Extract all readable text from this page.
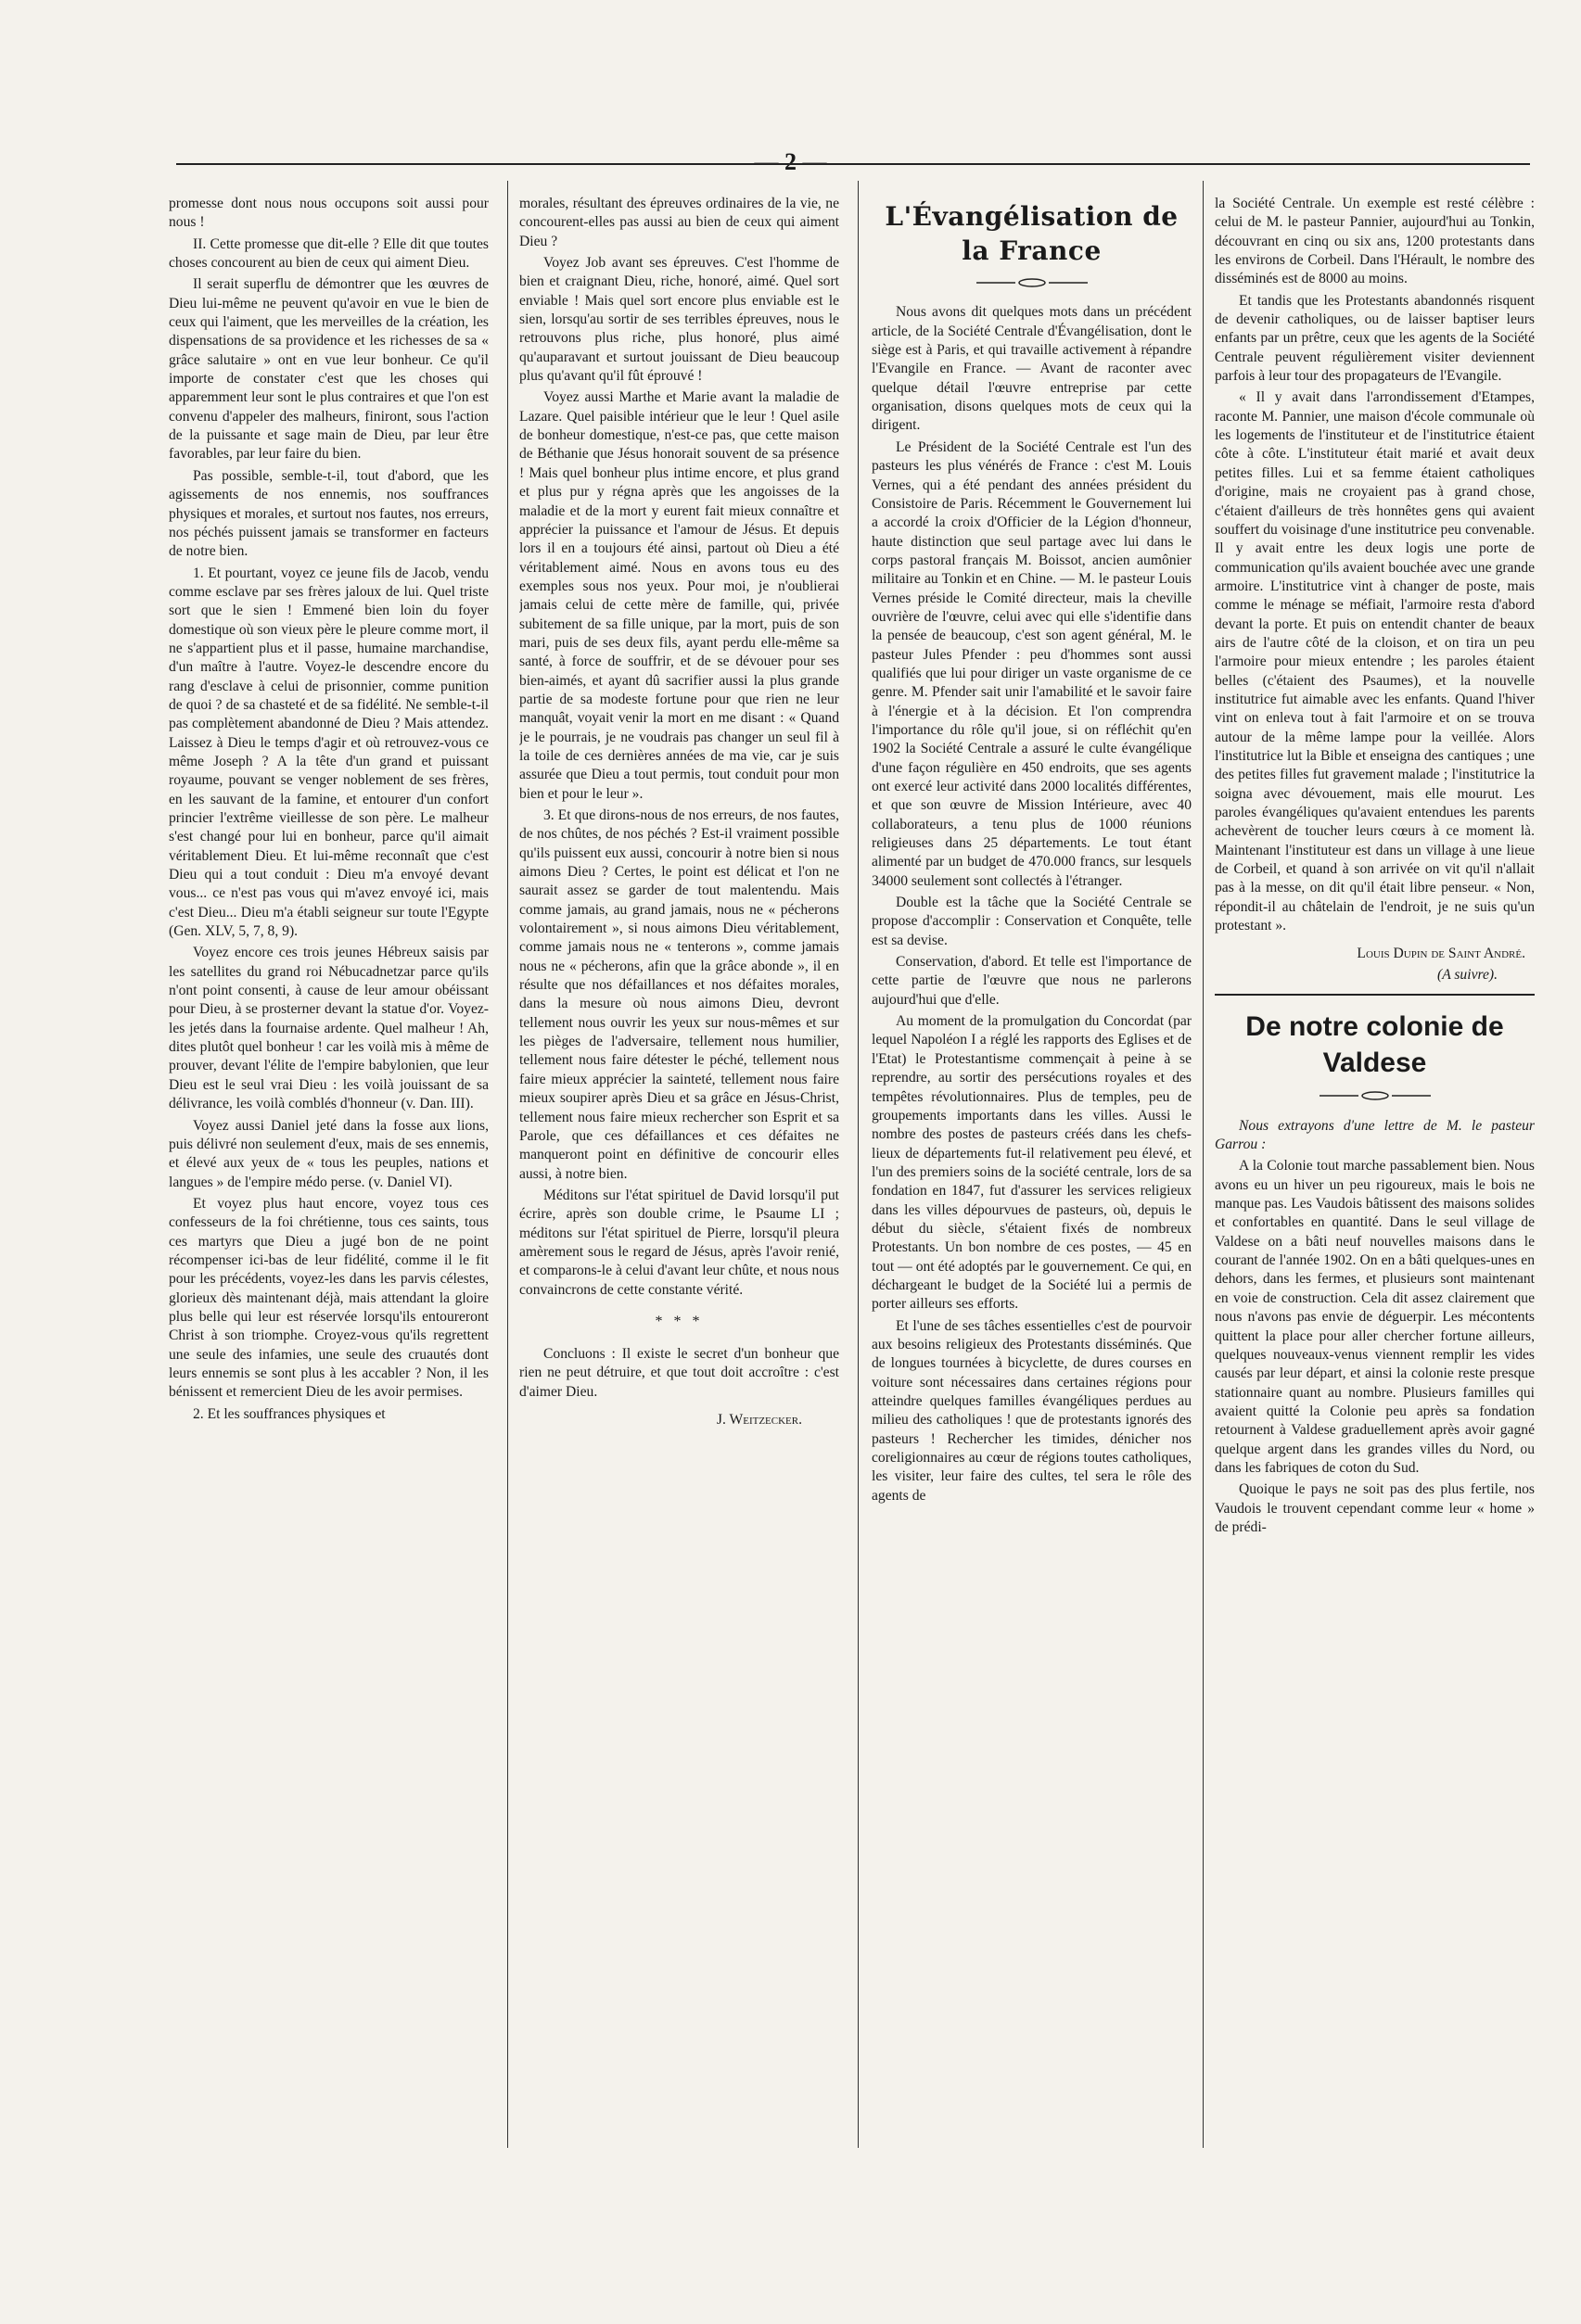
— 2 —

promesse dont nous nous occupons soit aussi pour nous !

II. Cette promesse que dit-elle ? Elle dit que toutes choses concourent au bien de ceux qui aiment Dieu.

Il serait superflu de démontrer que les œuvres de Dieu lui-même ne peuvent qu'avoir en vue le bien de ceux qui l'aiment, que les merveilles de la création, les dispensations de sa providence et les richesses de sa « grâce salutaire » ont en vue leur bonheur. Ce qu'il importe de constater c'est que les choses qui apparemment leur sont le plus contraires et que l'on est convenu d'appeler des malheurs, finiront, sous l'action de la puissante et sage main de Dieu, par leur être favorables, par leur faire du bien.

Pas possible, semble-t-il, tout d'abord, que les agissements de nos ennemis, nos souffrances physiques et morales, et surtout nos fautes, nos erreurs, nos péchés puissent jamais se transformer en facteurs de notre bien.

1. Et pourtant, voyez ce jeune fils de Jacob, vendu comme esclave par ses frères jaloux de lui. Quel triste sort que le sien ! Emmené bien loin du foyer domestique où son vieux père le pleure comme mort, il ne s'appartient plus et il passe, humaine marchandise, d'un maître à l'autre. Voyez-le descendre encore du rang d'esclave à celui de prisonnier, comme punition de quoi ? de sa chasteté et de sa fidélité. Ne semble-t-il pas complètement abandonné de Dieu ? Mais attendez. Laissez à Dieu le temps d'agir et où retrouvez-vous ce même Joseph ? A la tête d'un grand et puissant royaume, pouvant se venger noblement de ses frères, en les sauvant de la famine, et entourer d'un confort princier l'extrême vieillesse de son père. Le malheur s'est changé pour lui en bonheur, parce qu'il aimait véritablement Dieu. Et lui-même reconnaît que c'est Dieu qui a tout conduit : Dieu m'a envoyé devant vous... ce n'est pas vous qui m'avez envoyé ici, mais c'est Dieu... Dieu m'a établi seigneur sur toute l'Egypte (Gen. XLV, 5, 7, 8, 9).

Voyez encore ces trois jeunes Hébreux saisis par les satellites du grand roi Nébucadnetzar parce qu'ils n'ont point consenti, à cause de leur amour obéissant pour Dieu, à se prosterner devant la statue d'or. Voyez-les jetés dans la fournaise ardente. Quel malheur ! Ah, dites plutôt quel bonheur ! car les voilà mis à même de prouver, devant l'élite de l'empire babylonien, que leur Dieu est le seul vrai Dieu : les voilà jouissant de sa délivrance, les voilà comblés d'honneur (v. Dan. III).

Voyez aussi Daniel jeté dans la fosse aux lions, puis délivré non seulement d'eux, mais de ses ennemis, et élevé aux yeux de « tous les peuples, nations et langues » de l'empire médo perse. (v. Daniel VI).

Et voyez plus haut encore, voyez tous ces confesseurs de la foi chrétienne, tous ces saints, tous ces martyrs que Dieu a jugé bon de ne point récompenser ici-bas de leur fidélité, comme il le fit pour les précédents, voyez-les dans les parvis célestes, glorieux dès maintenant déjà, mais attendant la gloire plus belle qui leur est réservée lorsqu'ils entoureront Christ à son triomphe. Croyez-vous qu'ils regrettent une seule des infamies, une seule des cruautés dont leurs ennemis se sont plus à les accabler ? Non, il les bénissent et remercient Dieu de les avoir permises.

2. Et les souffrances physiques et

morales, résultant des épreuves ordinaires de la vie, ne concourent-elles pas aussi au bien de ceux qui aiment Dieu ?

Voyez Job avant ses épreuves. C'est l'homme de bien et craignant Dieu, riche, honoré, aimé. Quel sort enviable ! Mais quel sort encore plus enviable est le sien, lorsqu'au sortir de ses terribles épreuves, nous le retrouvons plus riche, plus honoré, plus aimé qu'auparavant et surtout jouissant de Dieu beaucoup plus qu'avant qu'il fût éprouvé !

Voyez aussi Marthe et Marie avant la maladie de Lazare. Quel paisible intérieur que le leur ! Quel asile de bonheur domestique, n'est-ce pas, que cette maison de Béthanie que Jésus honorait souvent de sa présence ! Mais quel bonheur plus intime encore, et plus grand et plus pur y régna après que les angoisses de la maladie et de la mort y eurent fait mieux connaître et apprécier la puissance et l'amour de Jésus. Et depuis lors il en a toujours été ainsi, partout où Dieu a été véritablement aimé. Nous en avons tous eu des exemples sous nos yeux. Pour moi, je n'oublierai jamais celui de cette mère de famille, qui, privée subitement de sa fille unique, par la mort, puis de son mari, puis de ses deux fils, ayant perdu elle-même sa santé, à force de souffrir, et de se dévouer pour ses bien-aimés, et ayant dû sacrifier aussi la plus grande partie de sa modeste fortune pour que rien ne leur manquât, voyait venir la mort en me disant : « Quand je le pourrais, je ne voudrais pas changer un seul fil à la toile de ces dernières années de ma vie, car je suis assurée que Dieu a tout permis, tout conduit pour mon bien et pour le leur ».

3. Et que dirons-nous de nos erreurs, de nos fautes, de nos chûtes, de nos péchés ? Est-il vraiment possible qu'ils puissent eux aussi, concourir à notre bien si nous aimons Dieu ? Certes, le point est délicat et l'on ne saurait assez se garder de tout malentendu. Mais comme jamais, au grand jamais, nous ne « pécherons volontairement », si nous aimons Dieu véritablement, comme jamais nous ne « tenterons », comme jamais nous ne « pécherons, afin que la grâce abonde », il en résulte que nos défaillances et nos défaites morales, dans la mesure où nous aimons Dieu, devront tellement nous ouvrir les yeux sur nous-mêmes et sur les pièges de l'adversaire, tellement nous humilier, tellement nous faire détester le péché, tellement nous faire mieux apprécier la sainteté, tellement nous faire mieux soupirer après Dieu et sa grâce en Jésus-Christ, tellement nous faire mieux rechercher son Esprit et sa Parole, que ces défaillances et ces défaites ne manqueront point en définitive de concourir elles aussi, à notre bien.

Méditons sur l'état spirituel de David lorsqu'il put écrire, après son double crime, le Psaume LI ; méditons sur l'état spirituel de Pierre, lorsqu'il pleura amèrement sous le regard de Jésus, après l'avoir renié, et comparons-le à celui d'avant leur chûte, et nous nous convaincrons de cette constante vérité.

* * *

Concluons : Il existe le secret d'un bonheur que rien ne peut détruire, et que tout doit accroître : c'est d'aimer Dieu.

J. Weitzecker.
L'Évangélisation de la France

Nous avons dit quelques mots dans un précédent article, de la Société Centrale d'Évangélisation, dont le siège est à Paris, et qui travaille activement à répandre l'Evangile en France. — Avant de raconter avec quelque détail l'œuvre entreprise par cette organisation, disons quelques mots de ceux qui la dirigent.

Le Président de la Société Centrale est l'un des pasteurs les plus vénérés de France : c'est M. Louis Vernes, qui a été pendant des années président du Consistoire de Paris. Récemment le Gouvernement lui a accordé la croix d'Officier de la Légion d'honneur, haute distinction que seul partage avec lui dans le corps pastoral français M. Boissot, ancien aumônier militaire au Tonkin et en Chine. — M. le pasteur Louis Vernes préside le Comité directeur, mais la cheville ouvrière de l'œuvre, celui avec qui elle s'identifie dans la pensée de beaucoup, c'est son agent général, M. le pasteur Jules Pfender : peu d'hommes sont aussi qualifiés que lui pour diriger un vaste organisme de ce genre. M. Pfender sait unir l'amabilité et le savoir faire à l'énergie et à la décision. Et l'on comprendra l'importance du rôle qu'il joue, si on réfléchit qu'en 1902 la Société Centrale a assuré le culte évangélique d'une façon régulière en 450 endroits, que ses agents ont exercé leur activité dans 2000 localités différentes, et que son œuvre de Mission Intérieure, avec 40 collaborateurs, a tenu plus de 1000 réunions religieuses dans 25 départements. Le tout étant alimenté par un budget de 470.000 francs, sur lesquels 34000 seulement sont collectés à l'étranger.

Double est la tâche que la Société Centrale se propose d'accomplir : Conservation et Conquête, telle est sa devise.

Conservation, d'abord. Et telle est l'importance de cette partie de l'œuvre que nous ne parlerons aujourd'hui que d'elle.

Au moment de la promulgation du Concordat (par lequel Napoléon I a réglé les rapports des Eglises et de l'Etat) le Protestantisme commençait à peine à se reprendre, au sortir des persécutions royales et des tempêtes révolutionnaires. Plus de temples, peu de groupements importants dans les villes. Aussi le nombre des postes de pasteurs créés dans les chefs-lieux de départements fut-il relativement peu élevé, et l'un des premiers soins de la société centrale, lors de sa fondation en 1847, fut d'assurer les services religieux dans les villes dépourvues de pasteurs, où, depuis le début du siècle, s'étaient fixés de nombreux Protestants. Un bon nombre de ces postes, — 45 en tout — ont été adoptés par le gouvernement. Ce qui, en déchargeant le budget de la Société lui a permis de porter ailleurs ses efforts.

Et l'une de ses tâches essentielles c'est de pourvoir aux besoins religieux des Protestants disséminés. Que de longues tournées à bicyclette, de dures courses en voiture sont nécessaires dans certaines régions pour atteindre quelques familles évangéliques perdues au milieu des catholiques ! que de protestants ignorés des pasteurs ! Rechercher les timides, dénicher nos coreligionnaires au cœur de régions toutes catholiques, les visiter, leur faire des cultes, tel sera le rôle des agents de

la Société Centrale. Un exemple est resté célèbre : celui de M. le pasteur Pannier, aujourd'hui au Tonkin, découvrant en cinq ou six ans, 1200 protestants dans les environs de Corbeil. Dans l'Hérault, le nombre des disséminés est de 8000 au moins.

Et tandis que les Protestants abandonnés risquent de devenir catholiques, ou de laisser baptiser leurs enfants par un prêtre, ceux que les agents de la Société Centrale peuvent régulièrement visiter deviennent parfois à leur tour des propagateurs de l'Evangile.

« Il y avait dans l'arrondissement d'Etampes, raconte M. Pannier, une maison d'école communale où les logements de l'instituteur et de l'institutrice étaient côte à côte. L'instituteur était marié et avait deux petites filles. Lui et sa femme étaient catholiques d'origine, mais ne croyaient pas à grand chose, c'étaient d'ailleurs de très honnêtes gens qui avaient souffert du voisinage d'une institutrice peu convenable. Il y avait entre les deux logis une porte de communication qu'ils avaient bouchée avec une grande armoire. L'institutrice vint à changer de poste, mais comme le ménage se méfiait, l'armoire resta d'abord devant la porte. Et puis on entendit chanter de beaux airs de l'autre côté de la cloison, et on tira un peu l'armoire pour mieux entendre ; les paroles étaient belles (c'étaient des Psaumes), et la nouvelle institutrice fut aimable avec les enfants. Quand l'hiver vint on enleva tout à fait l'armoire et on se trouva autour de la même lampe pour la veillée. Alors l'institutrice lut la Bible et enseigna des cantiques ; une des petites filles fut gravement malade ; l'institutrice la soigna avec dévouement, mais elle mourut. Les paroles évangéliques qu'avaient entendues les parents achevèrent de toucher leurs cœurs à ce moment là. Maintenant l'instituteur est dans un village à une lieue de Corbeil, et quand à son arrivée on vit qu'il n'allait pas à la messe, on dit qu'il était libre penseur. « Non, répondit-il au châtelain de l'endroit, je ne suis qu'un protestant ».

Louis Dupin de Saint André.
(A suivre).
De notre colonie de Valdese

Nous extrayons d'une lettre de M. le pasteur Garrou :

A la Colonie tout marche passablement bien. Nous avons eu un hiver un peu rigoureux, mais le bois ne manque pas. Les Vaudois bâtissent des maisons solides et confortables en quantité. Dans le seul village de Valdese on a bâti neuf nouvelles maisons dans le courant de l'année 1902. On en a bâti quelques-unes en dehors, dans les fermes, et plusieurs sont maintenant en voie de construction. Cela dit assez clairement que nous n'avons pas envie de déguerpir. Les mécontents quittent la place pour aller chercher fortune ailleurs, quelques nouveaux-venus viennent remplir les vides causés par leur départ, et ainsi la colonie reste presque stationnaire quant au nombre. Plusieurs familles qui avaient quitté la Colonie peu après sa fondation retournent à Valdese graduellement après avoir gagné quelque argent dans les grandes villes du Nord, ou dans les fabriques de coton du Sud.

Quoique le pays ne soit pas des plus fertile, nos Vaudois le trouvent cependant comme leur « home » de prédi-
